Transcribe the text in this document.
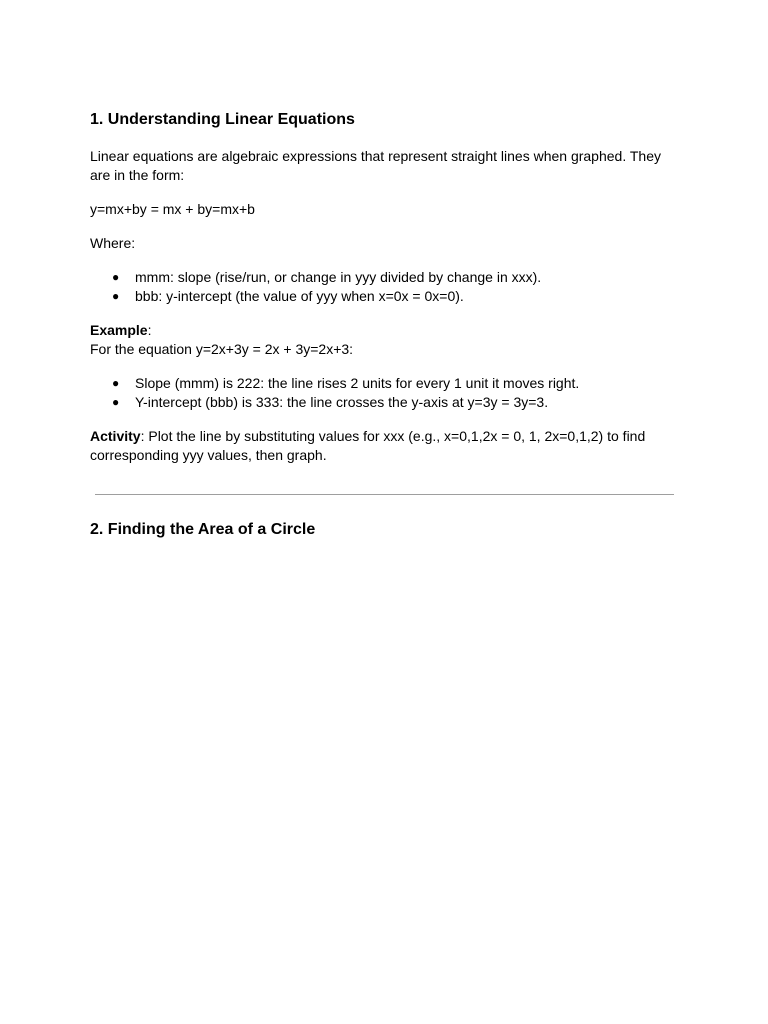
1. Understanding Linear Equations

Linear equations are algebraic expressions that represent straight lines when graphed. They are in the form:

y=mx+by = mx + by=mx+b

Where:

● mmm: slope (rise/run, or change in yyy divided by change in xxx).
● bbb: y-intercept (the value of yyy when x=0x = 0x=0).

Example:

For the equation y=2x+3y = 2x + 3y=2x+3:

● Slope (mmm) is 222: the line rises 2 units for every 1 unit it moves right.
● Y-intercept (bbb) is 333: the line crosses the y-axis at y=3y = 3y=3.

Activity: Plot the line by substituting values for xxx (e.g., x=0,1,2x = 0, 1, 2x=0,1,2) to find corresponding yyy values, then graph.

2. Finding the Area of a Circle
